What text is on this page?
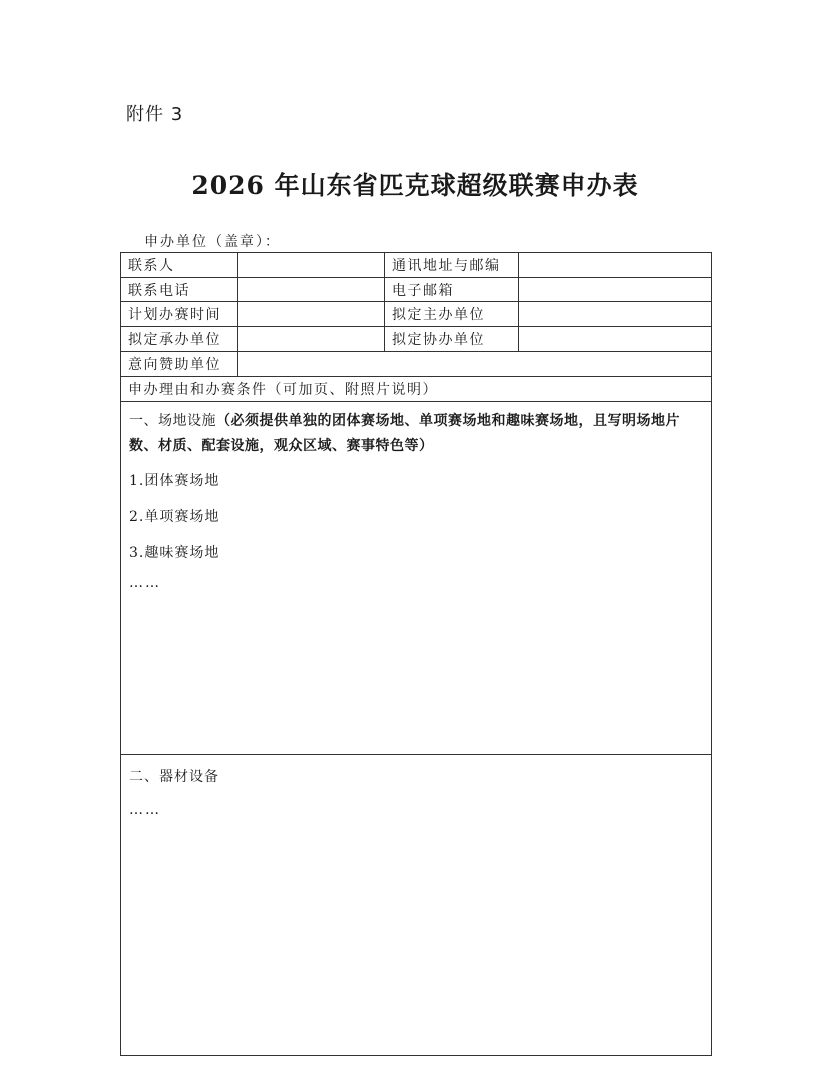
附件 3
2026 年山东省匹克球超级联赛申办表
申办单位（盖章）：
联系人		通讯地址与邮编	
联系电话		电子邮箱	
计划办赛时间		拟定主办单位	
拟定承办单位		拟定协办单位	
意向赞助单位			
申办理由和办赛条件（可加页、附照片说明）			

一、场地设施（必须提供单独的团体赛场地、单项赛场地和趣味赛场地，且写明场地片数、材质、配套设施，观众区域、赛事特色等）
1.团体赛场地
2.单项赛场地
3.趣味赛场地
……			

二、器材设备
……			
